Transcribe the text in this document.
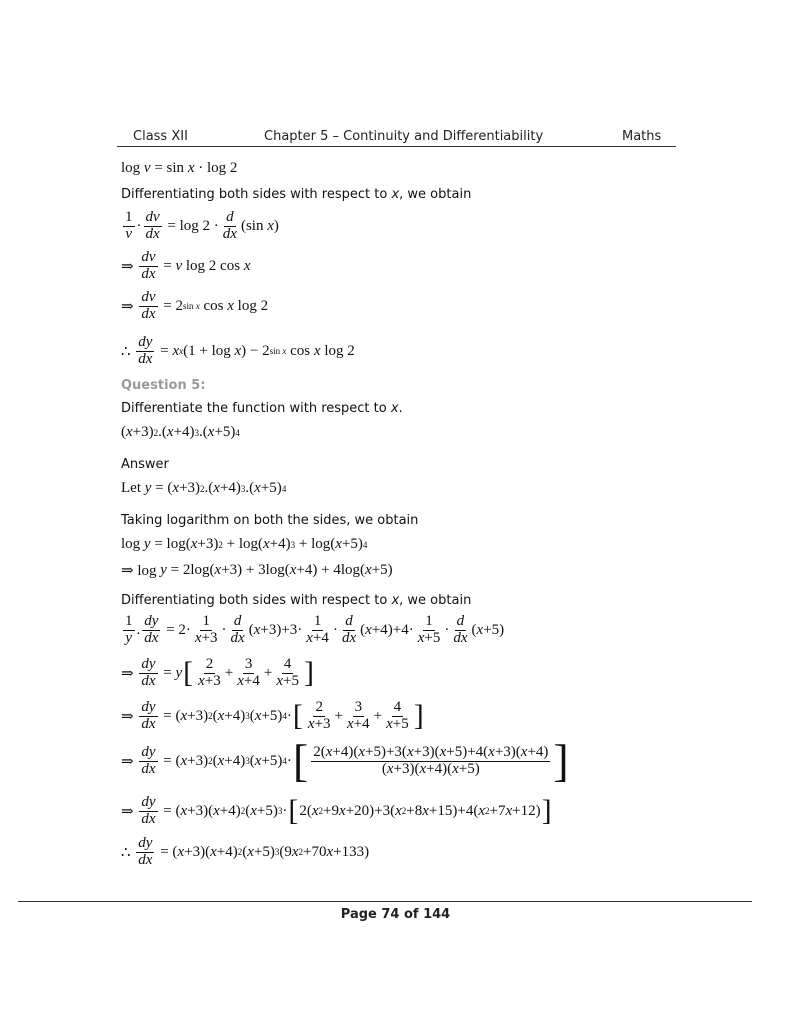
Class XII	Chapter 5 – Continuity and Differentiability	Maths
log v = sin x · log 2
Differentiating both sides with respect to x, we obtain
$\frac{1}{v} \cdot \frac{dv}{dx} = \log 2 \cdot \frac{d}{dx} (\sin$ x )
⇒ $\frac{dv}{dx} = v$ log 2 cos x
⇒ $\frac{dv}{dx} = 2$ sin x cos x log 2
∴ $\frac{dy}{dx} = x$ x (1 + log x ) − 2 sin x cos x log 2
Question 5:
Differentiate the function with respect to x.
( x +3) 2 .( x +4) 3 .( x +5) 4
Answer
Let y = ( x +3) 2 .( x +4) 3 .( x +5) 4
Taking logarithm on both the sides, we obtain
log y = log( x +3) 2 + log( x +4) 3 + log( x +5) 4
⇒ log y = 2log( x +3) + 3log( x +4) + 4log( x +5)
Differentiating both sides with respect to x, we obtain
$\frac{1}{y}$ . $\frac{dy}{dx} = 2\cdot \frac{1}{x+3} \cdot \frac{d}{dx}$ ( $x +3)+3\cdot \frac{1}{x+4} \cdot \frac{d}{dx}$ ( $x +4)+4\cdot \frac{1}{x+5} \cdot \frac{d}{dx}$ ( x +5)
⇒ $\frac{dy}{dx} = y$ [ $\frac{2}{x+3} + \frac{3}{x+4} + \frac{4}{x+5}$ ]
⇒ $\frac{dy}{dx}$ = ( x +3) 2 ( x +4) 3 ( x +5) 4 · [ $\frac{2}{x+3} + \frac{3}{x+4} + \frac{4}{x+5}$ ]
⇒ $\frac{dy}{dx}$ = ( x +3) 2 ( x +4) 3 ( x +5) 4 · [ $\frac{2(x+4)(x+5)+3(x+3)(x+5)+4(x+3)(x+4)}{(x+3)(x+4)(x+5)}$ ]
⇒ $\frac{dy}{dx}$ = ( x +3)( x +4) 2 ( x +5) 3 · [ 2( x 2 +9 x +20)+3( x 2 +8 x +15)+4( x 2 +7 x +12) ]
∴ $\frac{dy}{dx}$ = ( x +3)( x +4) 2 ( x +5) 3 (9 x 2 +70 x +133)
Page 74 of 144
